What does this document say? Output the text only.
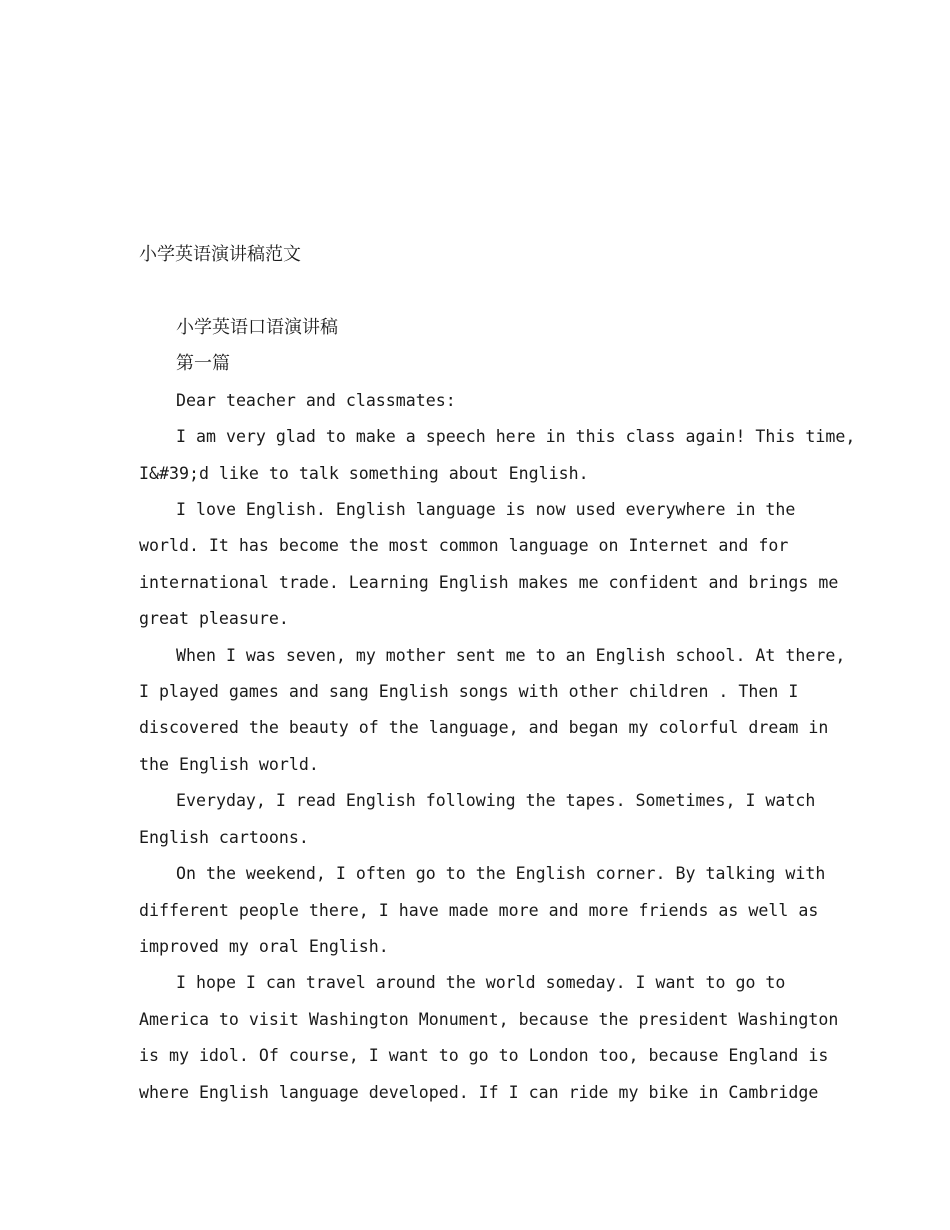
小学英语演讲稿范文

小学英语口语演讲稿

第一篇

Dear teacher and classmates:

I am very glad to make a speech here in this class again! This time,
I&#39;d like to talk something about English.

I love English. English language is now used everywhere in the
world. It has become the most common language on Internet and for
international trade. Learning English makes me confident and brings me
great pleasure.

When I was seven, my mother sent me to an English school. At there,
I played games and sang English songs with other children . Then I
discovered the beauty of the language, and began my colorful dream in
the English world.

Everyday, I read English following the tapes. Sometimes, I watch
English cartoons.

On the weekend, I often go to the English corner. By talking with
different people there, I have made more and more friends as well as
improved my oral English.

I hope I can travel around the world someday. I want to go to
America to visit Washington Monument, because the president Washington
is my idol. Of course, I want to go to London too, because England is
where English language developed. If I can ride my bike in Cambridge
